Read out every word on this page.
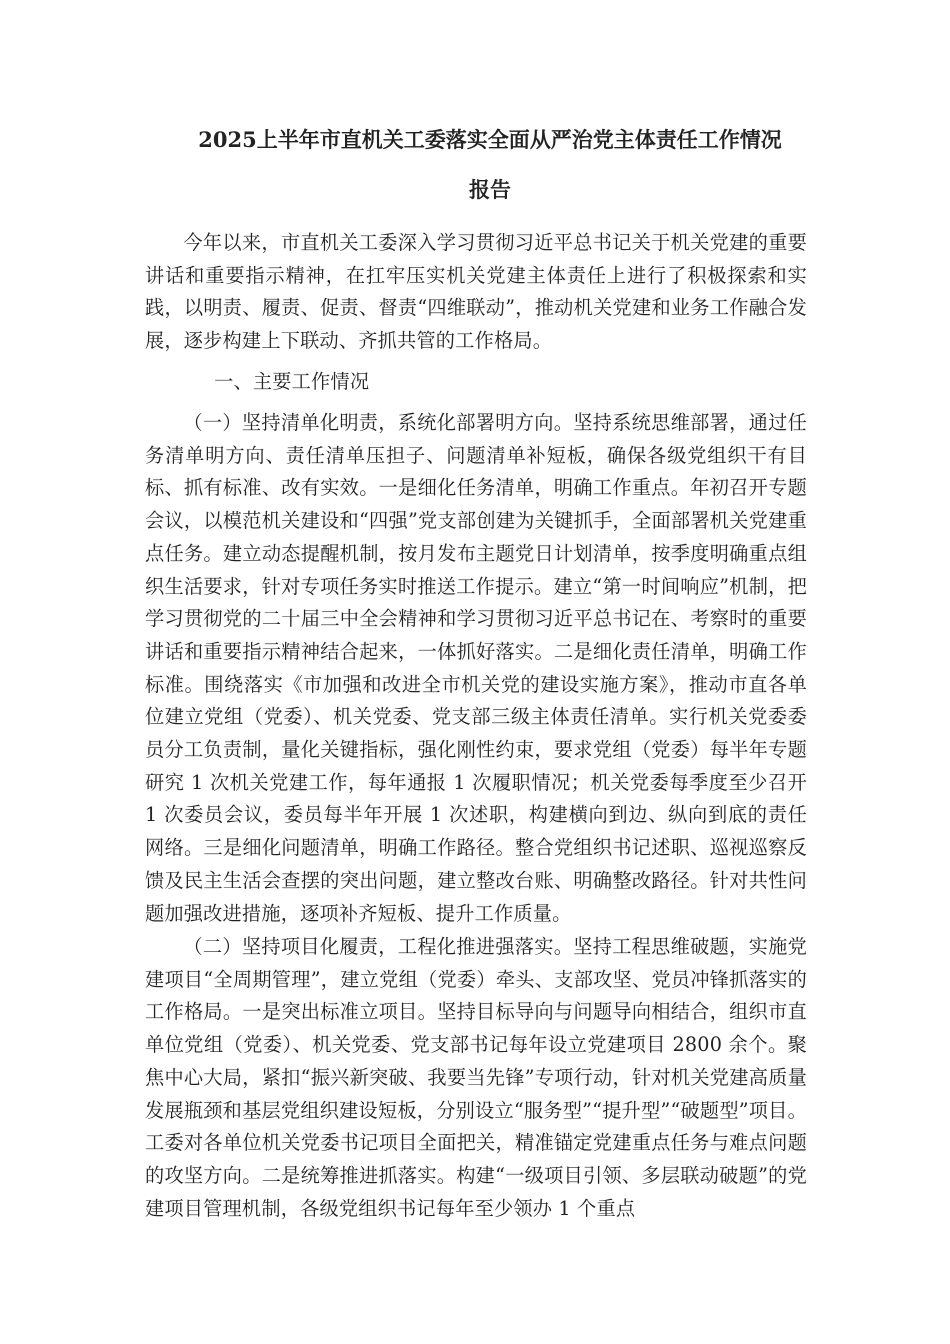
2025上半年市直机关工委落实全面从严治党主体责任工作情况
报告

今年以来，市直机关工委深入学习贯彻习近平总书记关于机关党建的重要讲话和重要指示精神，在扛牢压实机关党建主体责任上进行了积极探索和实践，以明责、履责、促责、督责“四维联动”，推动机关党建和业务工作融合发展，逐步构建上下联动、齐抓共管的工作格局。

一、主要工作情况

（一）坚持清单化明责，系统化部署明方向。坚持系统思维部署，通过任务清单明方向、责任清单压担子、问题清单补短板，确保各级党组织干有目标、抓有标准、改有实效。一是细化任务清单，明确工作重点。年初召开专题会议，以模范机关建设和“四强”党支部创建为关键抓手，全面部署机关党建重点任务。建立动态提醒机制，按月发布主题党日计划清单，按季度明确重点组织生活要求，针对专项任务实时推送工作提示。建立“第一时间响应”机制，把学习贯彻党的二十届三中全会精神和学习贯彻习近平总书记在、考察时的重要讲话和重要指示精神结合起来，一体抓好落实。二是细化责任清单，明确工作标准。围绕落实《市加强和改进全市机关党的建设实施方案》，推动市直各单位建立党组（党委）、机关党委、党支部三级主体责任清单。实行机关党委委员分工负责制，量化关键指标，强化刚性约束，要求党组（党委）每半年专题研究 1 次机关党建工作，每年通报 1 次履职情况；机关党委每季度至少召开 1 次委员会议，委员每半年开展 1 次述职，构建横向到边、纵向到底的责任网络。三是细化问题清单，明确工作路径。整合党组织书记述职、巡视巡察反馈及民主生活会查摆的突出问题，建立整改台账、明确整改路径。针对共性问题加强改进措施，逐项补齐短板、提升工作质量。

（二）坚持项目化履责，工程化推进强落实。坚持工程思维破题，实施党建项目“全周期管理”，建立党组（党委）牵头、支部攻坚、党员冲锋抓落实的工作格局。一是突出标准立项目。坚持目标导向与问题导向相结合，组织市直单位党组（党委）、机关党委、党支部书记每年设立党建项目 2800 余个。聚焦中心大局，紧扣“振兴新突破、我要当先锋”专项行动，针对机关党建高质量发展瓶颈和基层党组织建设短板，分别设立“服务型”“提升型”“破题型”项目。工委对各单位机关党委书记项目全面把关，精准锚定党建重点任务与难点问题的攻坚方向。二是统筹推进抓落实。构建“一级项目引领、多层联动破题”的党建项目管理机制，各级党组织书记每年至少领办 1 个重点
